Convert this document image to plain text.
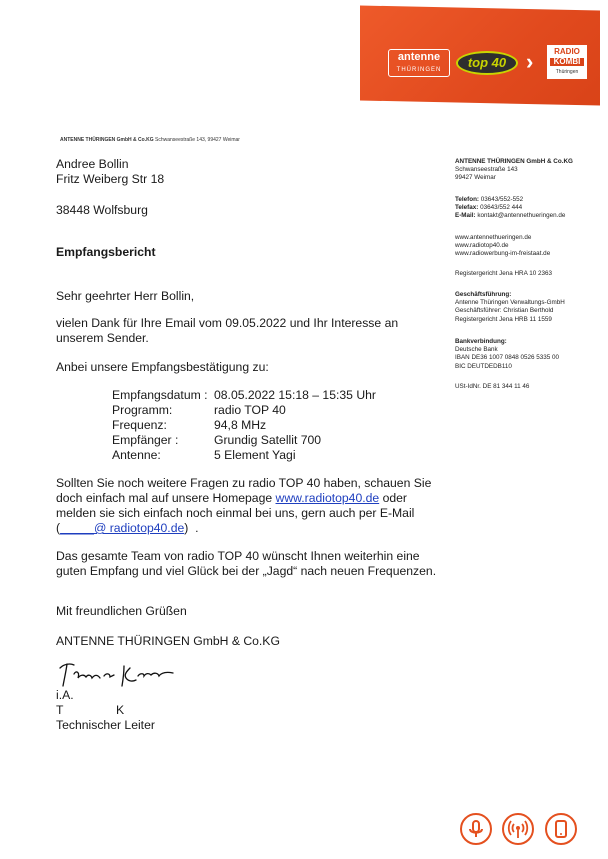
antenne
THÜRINGEN	top 40 ›	RADIO
KOMBI
Thüringen
ANTENNE THÜRINGEN GmbH & Co.KG Schwanseestraße 143, 99427 Weimar
Andree Bollin
Fritz Weiberg Str 18
38448 Wolfsburg
Empfangsbericht
Sehr geehrter Herr Bollin,
vielen Dank für Ihre Email vom 09.05.2022 und Ihr Interesse an
unserem Sender.
Anbei unsere Empfangsbestätigung zu:
Empfangsdatum : 08.05.2022 15:18 – 15:35 Uhr
Programm:	radio TOP 40
Frequenz:	94,8 MHz
Empfänger :	Grundig Satellit 700
Antenne:	5 Element Yagi
Sollten Sie noch weitere Fragen zu radio TOP 40 haben, schauen Sie
doch einfach mal auf unsere Homepage www.radiotop40.de oder
melden sie sich einfach noch einmal bei uns, gern auch per E-Mail
(_____@ radiotop40.de)  .
Das gesamte Team von radio TOP 40 wünscht Ihnen weiterhin eine
guten Empfang und viel Glück bei der „Jagd“ nach neuen Frequenzen.
Mit freundlichen Grüßen
ANTENNE THÜRINGEN GmbH & Co.KG
i.A.
T	K
Technischer Leiter
ANTENNE THÜRINGEN GmbH & Co.KG
Schwanseestraße 143
99427 Weimar
Telefon: 03643/552-552
Telefax: 03643/552 444
E-Mail: kontakt@antennethueringen.de
www.antennethueringen.de
www.radiotop40.de
www.radiowerbung-im-freistaat.de
Registergericht Jena HRA 10 2363
Geschäftsführung:
Antenne Thüringen Verwaltungs-GmbH
Geschäftsführer: Christian Berthold
Registergericht Jena HRB 11 1559
Bankverbindung:
Deutsche Bank
IBAN DE36 1007 0848 0526 5335 00
BIC DEUTDEDB110
USt-IdNr. DE 81 344 11 46
